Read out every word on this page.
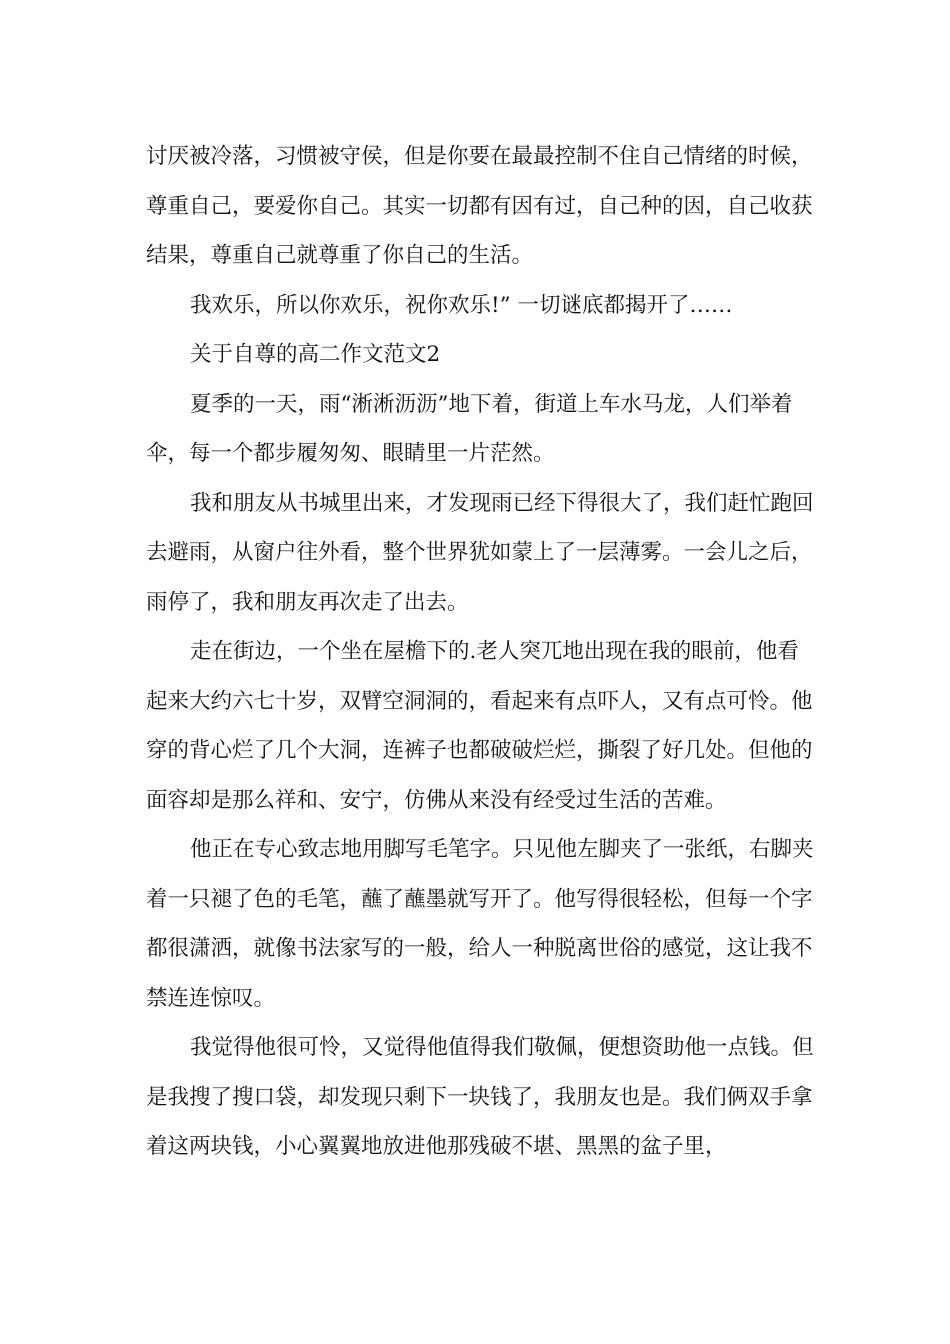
讨厌被冷落，习惯被守侯，但是你要在最最控制不住自己情绪的时候，尊重自己，要爱你自己。其实一切都有因有过，自己种的因，自己收获结果，尊重自己就尊重了你自己的生活。

我欢乐，所以你欢乐，祝你欢乐!” 一切谜底都揭开了……

关于自尊的高二作文范文2

夏季的一天，雨“淅淅沥沥”地下着，街道上车水马龙，人们举着伞，每一个都步履匆匆、眼睛里一片茫然。

我和朋友从书城里出来，才发现雨已经下得很大了，我们赶忙跑回去避雨，从窗户往外看，整个世界犹如蒙上了一层薄雾。一会儿之后，雨停了，我和朋友再次走了出去。

走在街边，一个坐在屋檐下的.老人突兀地出现在我的眼前，他看起来大约六七十岁，双臂空洞洞的，看起来有点吓人，又有点可怜。他穿的背心烂了几个大洞，连裤子也都破破烂烂，撕裂了好几处。但他的面容却是那么祥和、安宁，仿佛从来没有经受过生活的苦难。

他正在专心致志地用脚写毛笔字。只见他左脚夹了一张纸，右脚夹着一只褪了色的毛笔，蘸了蘸墨就写开了。他写得很轻松，但每一个字都很潇洒，就像书法家写的一般，给人一种脱离世俗的感觉，这让我不禁连连惊叹。

我觉得他很可怜，又觉得他值得我们敬佩，便想资助他一点钱。但是我搜了搜口袋，却发现只剩下一块钱了，我朋友也是。我们俩双手拿着这两块钱，小心翼翼地放进他那残破不堪、黑黑的盆子里，
